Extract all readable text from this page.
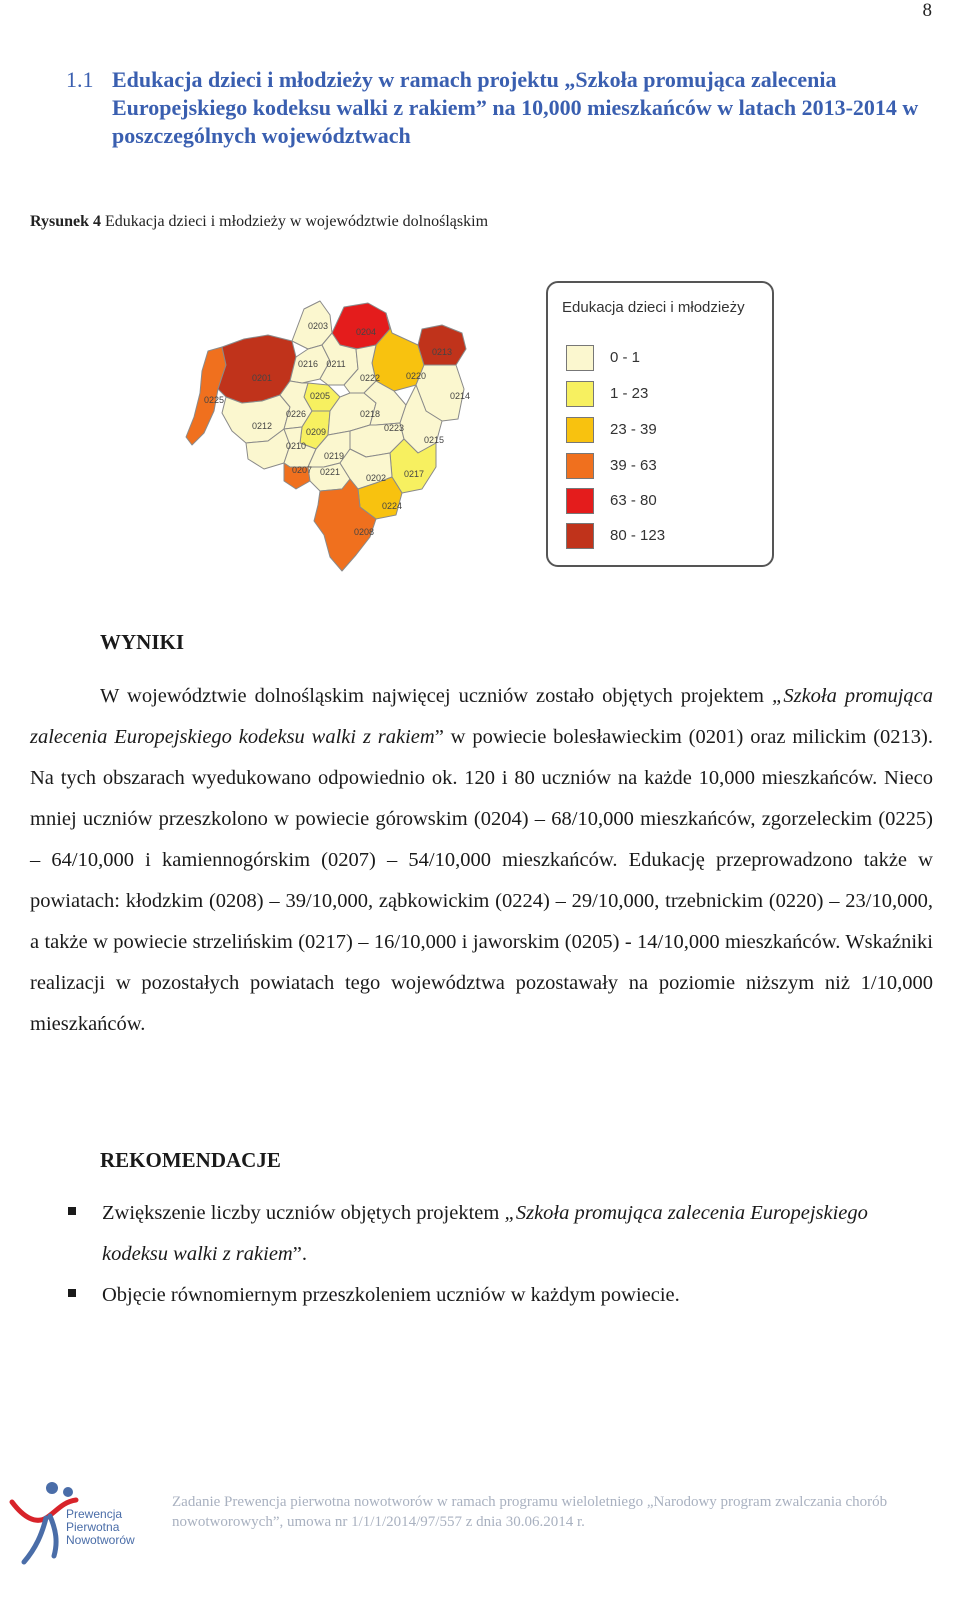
8
1.1 Edukacja dzieci i młodzieży w ramach projektu „Szkoła promująca zalecenia Europejskiego kodeksu walki z rakiem” na 10,000 mieszkańców w latach 2013-2014 w poszczególnych województwach
Rysunek 4 Edukacja dzieci i młodzieży w województwie dolnośląskim
0203
0204
0213
0201
0216 0211
0222	0220
0214
0225	0205
0218
0212
0226
0209	0223
0215
0210
0219
0207 0221
0202 0217
0224
0208
Edukacja dzieci i młodzieży
0 - 1
1 - 23
23 - 39
39 - 63
63 - 80
80 - 123
WYNIKI

W województwie dolnośląskim najwięcej uczniów zostało objętych projektem „Szkoła promująca zalecenia Europejskiego kodeksu walki z rakiem” w powiecie bolesławieckim (0201) oraz milickim (0213). Na tych obszarach wyedukowano odpowiednio ok. 120 i 80 uczniów na każde 10,000 mieszkańców. Nieco mniej uczniów przeszkolono w powiecie górowskim (0204) – 68/10,000 mieszkańców, zgorzeleckim (0225) – 64/10,000 i kamiennogórskim (0207) – 54/10,000 mieszkańców. Edukację przeprowadzono także w powiatach: kłodzkim (0208) – 39/10,000, ząbkowickim (0224) – 29/10,000, trzebnickim (0220) – 23/10,000, a także w powiecie strzelińskim (0217) – 16/10,000 i jaworskim (0205) - 14/10,000 mieszkańców. Wskaźniki realizacji w pozostałych powiatach tego województwa pozostawały na poziomie niższym niż 1/10,000 mieszkańców.

REKOMENDACJE
Zwiększenie liczby uczniów objętych projektem „Szkoła promująca zalecenia Europejskiego kodeksu walki z rakiem”.
Objęcie równomiernym przeszkoleniem uczniów w każdym powiecie.
Prewencja
Pierwotna
Nowotworów
Zadanie Prewencja pierwotna nowotworów w ramach programu wieloletniego „Narodowy program zwalczania chorób nowotworowych”, umowa nr 1/1/1/2014/97/557 z dnia 30.06.2014 r.
